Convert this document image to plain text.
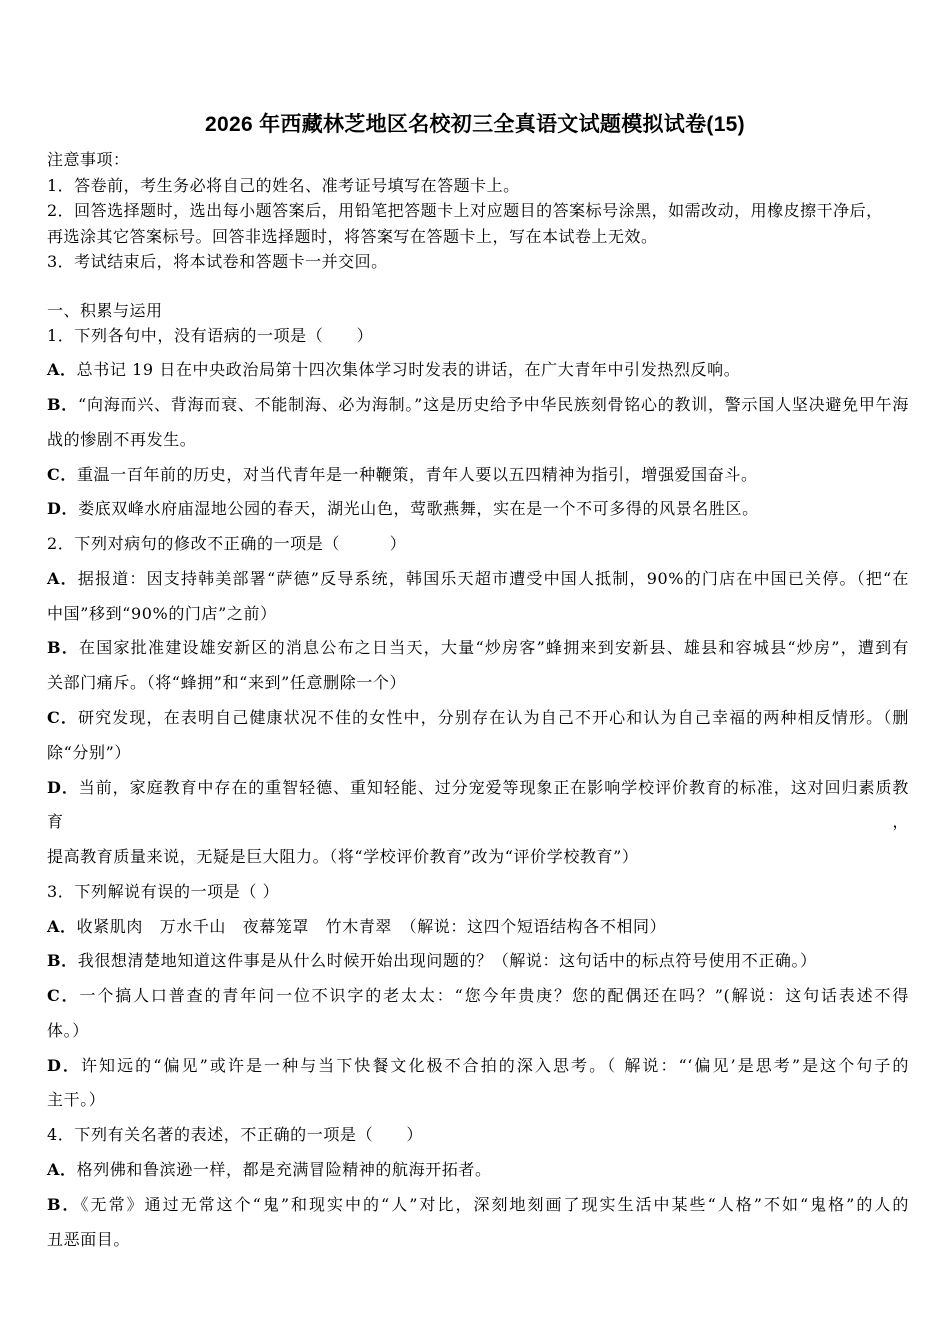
2026 年西藏林芝地区名校初三全真语文试题模拟试卷(15)
注意事项：
1．答卷前，考生务必将自己的姓名、准考证号填写在答题卡上。
2．回答选择题时，选出每小题答案后，用铅笔把答题卡上对应题目的答案标号涂黑，如需改动，用橡皮擦干净后，
再选涂其它答案标号。回答非选择题时，将答案写在答题卡上，写在本试卷上无效。
3．考试结束后，将本试卷和答题卡一并交回。
一、积累与运用
1．下列各句中，没有语病的一项是（　　）
A．总书记 19 日在中央政治局第十四次集体学习时发表的讲话，在广大青年中引发热烈反响。
B．“向海而兴、背海而衰、不能制海、必为海制。”这是历史给予中华民族刻骨铭心的教训，警示国人坚决避免甲午海
战的惨剧不再发生。
C．重温一百年前的历史，对当代青年是一种鞭策，青年人要以五四精神为指引，增强爱国奋斗。
D．娄底双峰水府庙湿地公园的春天，湖光山色，莺歌燕舞，实在是一个不可多得的风景名胜区。
2．下列对病句的修改不正确的一项是（　　　）
A．据报道：因支持韩美部署“萨德”反导系统，韩国乐天超市遭受中国人抵制，90%的门店在中国已关停。（把“在
中国”移到“90%的门店”之前）
B．在国家批准建设雄安新区的消息公布之日当天，大量“炒房客”蜂拥来到安新县、雄县和容城县“炒房”，遭到有
关部门痛斥。（将“蜂拥”和“来到”任意删除一个）
C．研究发现，在表明自己健康状况不佳的女性中，分别存在认为自己不开心和认为自己幸福的两种相反情形。（删
除“分别”）
D．当前，家庭教育中存在的重智轻德、重知轻能、过分宠爱等现象正在影响学校评价教育的标准，这对回归素质教育，
提高教育质量来说，无疑是巨大阻力。（将“学校评价教育”改为“评价学校教育”）
3．下列解说有误的一项是（ ）
A．收紧肌肉　万水千山　夜幕笼罩　竹木青翠　（解说：这四个短语结构各不相同）
B．我很想清楚地知道这件事是从什么时候开始出现问题的？（解说：这句话中的标点符号使用不正确。）
C．一个搞人口普查的青年问一位不识字的老太太：“您今年贵庚？您的配偶还在吗？”(解说：这句话表述不得
体。）
D．许知远的“偏见”或许是一种与当下快餐文化极不合拍的深入思考。（ 解说：“‘偏见’是思考”是这个句子的
主干。）
4．下列有关名著的表述，不正确的一项是（　　）
A．格列佛和鲁滨逊一样，都是充满冒险精神的航海开拓者。
B．《无常》通过无常这个“鬼”和现实中的“人”对比，深刻地刻画了现实生活中某些“人格”不如“鬼格”的人的
丑恶面目。
